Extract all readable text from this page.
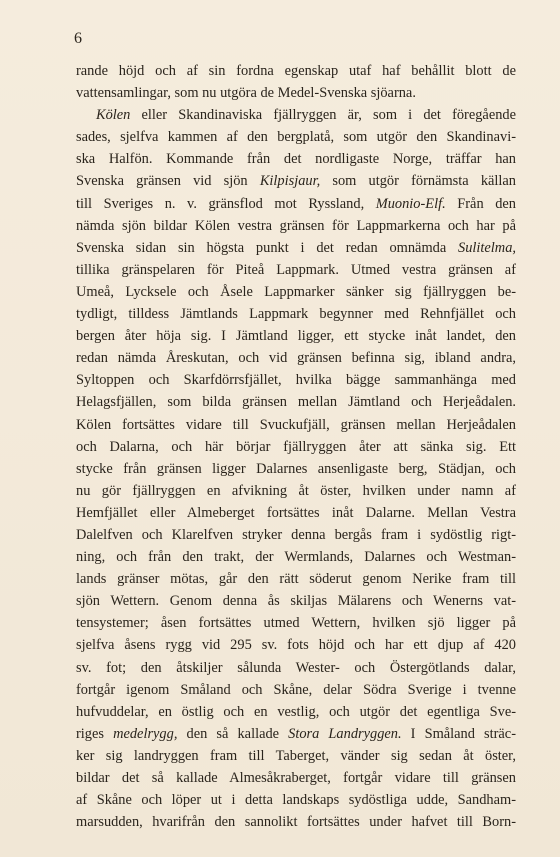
6
rande höjd och af sin fordna egenskap utaf haf behållit blott de
vattensamlingar, som nu utgöra de Medel-Svenska sjöarna.
Kölen eller Skandinaviska fjällryggen är, som i det föregående
sades, sjelfva kammen af den bergplatå, som utgör den Skandinavi-
ska Halfön. Kommande från det nordligaste Norge, träffar han
Svenska gränsen vid sjön Kilpisjaur, som utgör förnämsta källan
till Sveriges n. v. gränsflod mot Ryssland, Muonio-Elf. Från den
nämda sjön bildar Kölen vestra gränsen för Lappmarkerna och har på
Svenska sidan sin högsta punkt i det redan omnämda Sulitelma,
tillika gränspelaren för Piteå Lappmark. Utmed vestra gränsen af
Umeå, Lycksele och Åsele Lappmarker sänker sig fjällryggen be-
tydligt, tilldess Jämtlands Lappmark begynner med Rehnfjället och
bergen åter höja sig. I Jämtland ligger, ett stycke inåt landet, den
redan nämda Åreskutan, och vid gränsen befinna sig, ibland andra,
Syltoppen och Skarfdörrsfjället, hvilka bägge sammanhänga med
Helagsfjällen, som bilda gränsen mellan Jämtland och Herjeådalen.
Kölen fortsättes vidare till Svuckufjäll, gränsen mellan Herjeådalen
och Dalarna, och här börjar fjällryggen åter att sänka sig. Ett
stycke från gränsen ligger Dalarnes ansenligaste berg, Städjan, och
nu gör fjällryggen en afvikning åt öster, hvilken under namn af
Hemfjället eller Almeberget fortsättes inåt Dalarne. Mellan Vestra
Dalelfven och Klarelfven stryker denna bergås fram i sydöstlig rigt-
ning, och från den trakt, der Wermlands, Dalarnes och Westman-
lands gränser mötas, går den rätt söderut genom Nerike fram till
sjön Wettern. Genom denna ås skiljas Mälarens och Wenerns vat-
tensystemer; åsen fortsättes utmed Wettern, hvilken sjö ligger på
sjelfva åsens rygg vid 295 sv. fots höjd och har ett djup af 420
sv. fot; den åtskiljer sålunda Wester- och Östergötlands dalar,
fortgår igenom Småland och Skåne, delar Södra Sverige i tvenne
hufvuddelar, en östlig och en vestlig, och utgör det egentliga Sve-
riges medelrygg, den så kallade Stora Landryggen. I Småland sträc-
ker sig landryggen fram till Taberget, vänder sig sedan åt öster,
bildar det så kallade Almesåkraberget, fortgår vidare till gränsen
af Skåne och löper ut i detta landskaps sydöstliga udde, Sandham-
marsudden, hvarifrån den sannolikt fortsättes under hafvet till Born-
